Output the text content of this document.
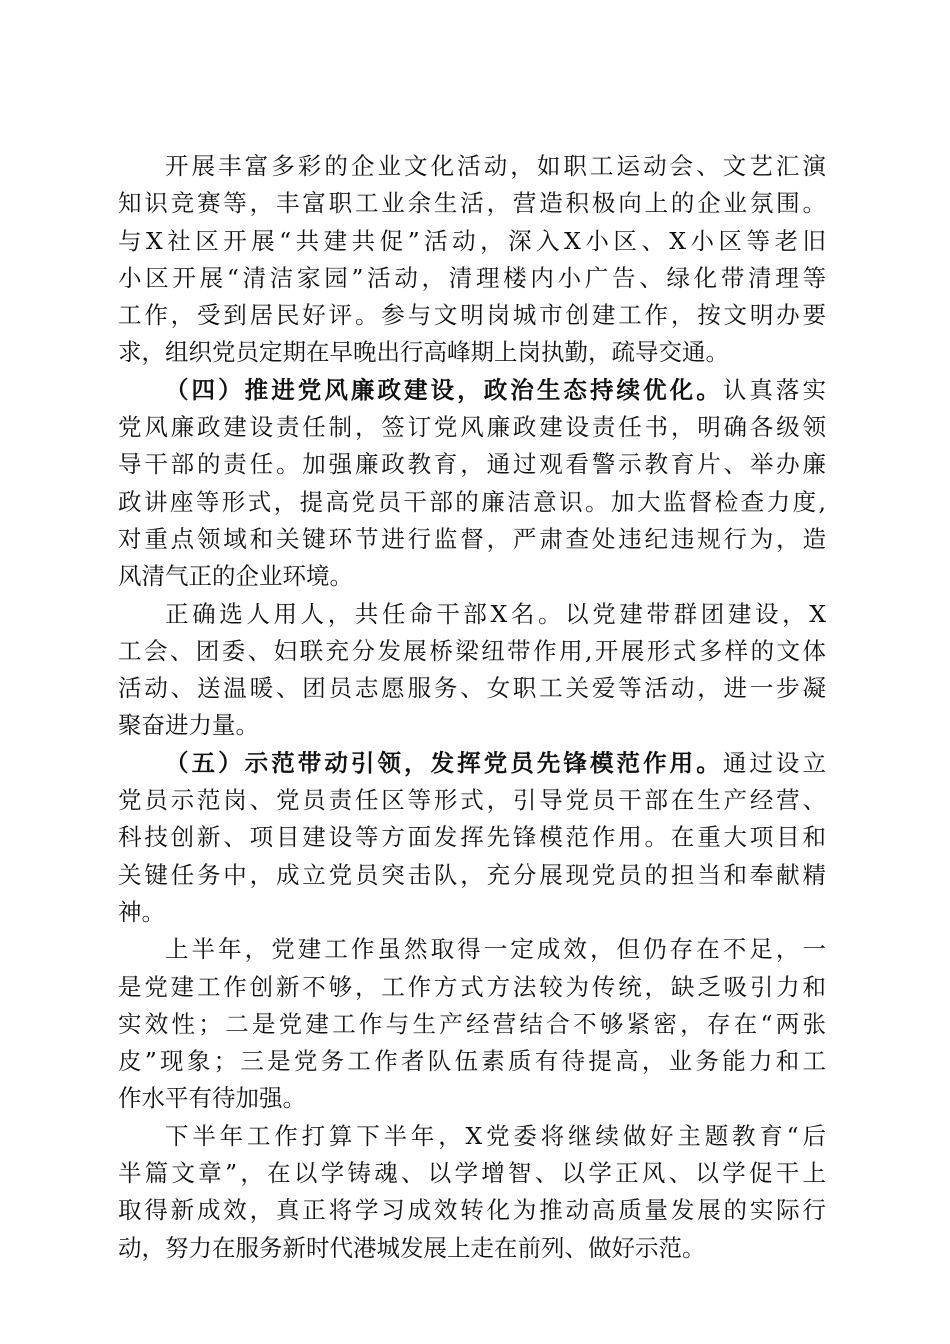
开展丰富多彩的企业文化活动，如职工运动会、文艺汇演
知识竞赛等，丰富职工业余生活，营造积极向上的企业氛围。
与X社区开展“共建共促”活动，深入X小区、X小区等老旧
小区开展“清洁家园”活动，清理楼内小广告、绿化带清理等
工作，受到居民好评。参与文明岗城市创建工作，按文明办要
求，组织党员定期在早晚出行高峰期上岗执勤，疏导交通。
（四）推进党风廉政建设，政治生态持续优化。认真落实
党风廉政建设责任制，签订党风廉政建设责任书，明确各级领
导干部的责任。加强廉政教育，通过观看警示教育片、举办廉
政讲座等形式，提高党员干部的廉洁意识。加大监督检查力度,
对重点领域和关键环节进行监督，严肃查处违纪违规行为，造
风清气正的企业环境。
正确选人用人，共任命干部X名。以党建带群团建设，X
工会、团委、妇联充分发展桥梁纽带作用,开展形式多样的文体
活动、送温暖、团员志愿服务、女职工关爱等活动，进一步凝
聚奋进力量。
（五）示范带动引领，发挥党员先锋模范作用。通过设立
党员示范岗、党员责任区等形式，引导党员干部在生产经营、
科技创新、项目建设等方面发挥先锋模范作用。在重大项目和
关键任务中，成立党员突击队，充分展现党员的担当和奉献精
神。
上半年，党建工作虽然取得一定成效，但仍存在不足，一
是党建工作创新不够，工作方式方法较为传统，缺乏吸引力和
实效性；二是党建工作与生产经营结合不够紧密，存在“两张
皮”现象；三是党务工作者队伍素质有待提高，业务能力和工
作水平有待加强。
下半年工作打算下半年，X党委将继续做好主题教育“后
半篇文章”，在以学铸魂、以学增智、以学正风、以学促干上
取得新成效，真正将学习成效转化为推动高质量发展的实际行
动，努力在服务新时代港城发展上走在前列、做好示范。
